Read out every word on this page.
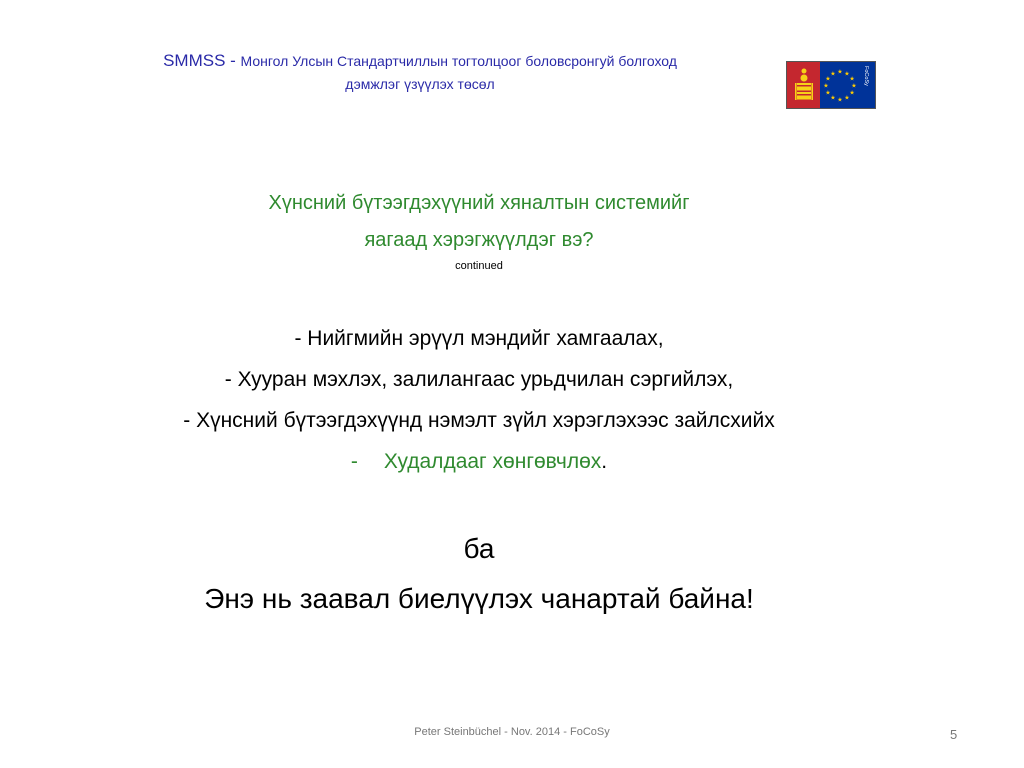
SMMSS - Монгол Улсын Стандартчиллын тогтолцоог боловсронгуй болгоход
дэмжлэг үзүүлэх төсөл
★ ★
★
★
★
★
★
★
★
★
★
★	FoCoSy
Хүнсний бүтээгдэхүүний хяналтын системийг
яагаад хэрэгжүүлдэг вэ?
continued
- Нийгмийн эрүүл мэндийг хамгаалах,
- Хууран мэхлэх, залилангаас урьдчилан сэргийлэх,
- Хүнсний бүтээгдэхүүнд нэмэлт зүйл хэрэглэхээс зайлсхийх
- Худалдааг хөнгөвчлөх.
ба
Энэ нь заавал биелүүлэх чанартай байна!
Peter Steinbüchel - Nov. 2014 - FoCoSy	5
